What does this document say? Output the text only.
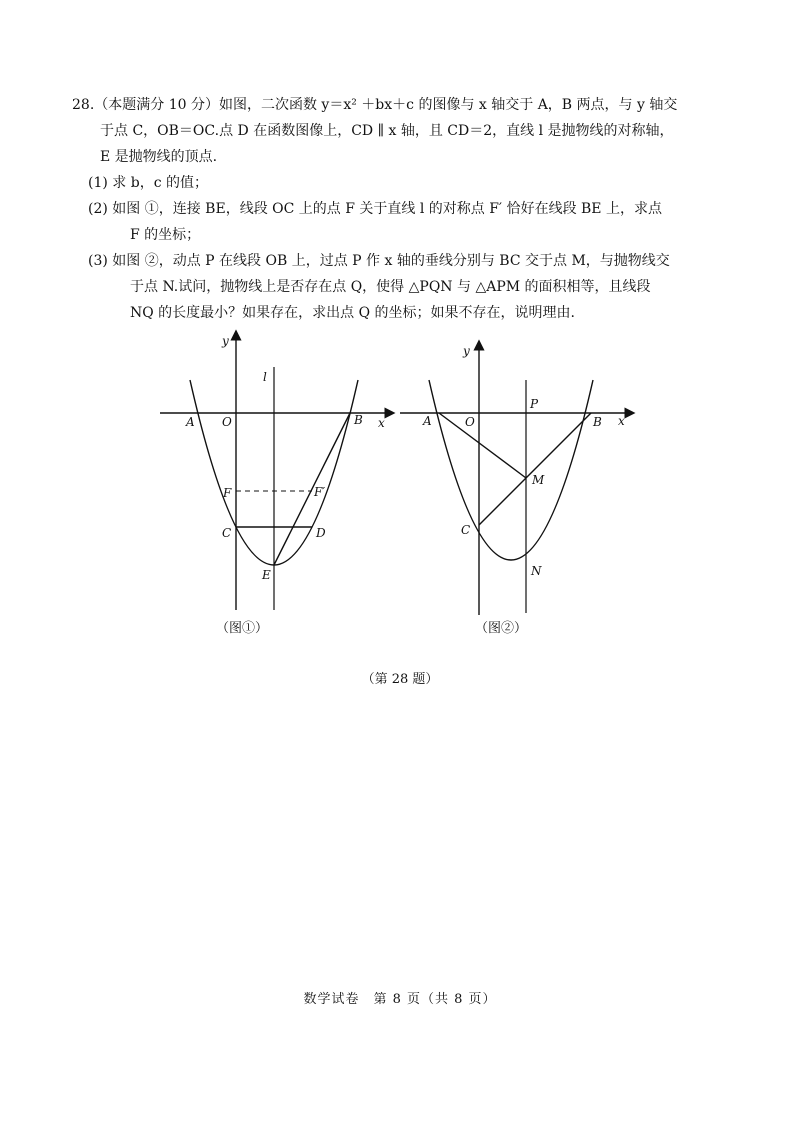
28.（本题满分 10 分）如图，二次函数 y＝x² ＋bx＋c 的图像与 x 轴交于 A，B 两点，与 y 轴交

于点 C，OB＝OC.点 D 在函数图像上，CD ∥ x 轴，且 CD＝2，直线 l 是抛物线的对称轴，

E 是抛物线的顶点.

(1) 求 b，c 的值；

(2) 如图 ①，连接 BE，线段 OC 上的点 F 关于直线 l 的对称点 F′ 恰好在线段 BE 上，求点

F 的坐标；

(3) 如图 ②，动点 P 在线段 OB 上，过点 P 作 x 轴的垂线分别与 BC 交于点 M，与抛物线交

于点 N.试问，抛物线上是否存在点 Q，使得 △PQN 与 △APM 的面积相等，且线段

NQ 的长度最小？如果存在，求出点 Q 的坐标；如果不存在，说明理由.

y
x
l
A O	B
F	F′
C	D
E
（图①）
y
x
P
A	O	B
M
C
N
（图②）
（第 28 题）
数学试卷　第 8 页（共 8 页）
